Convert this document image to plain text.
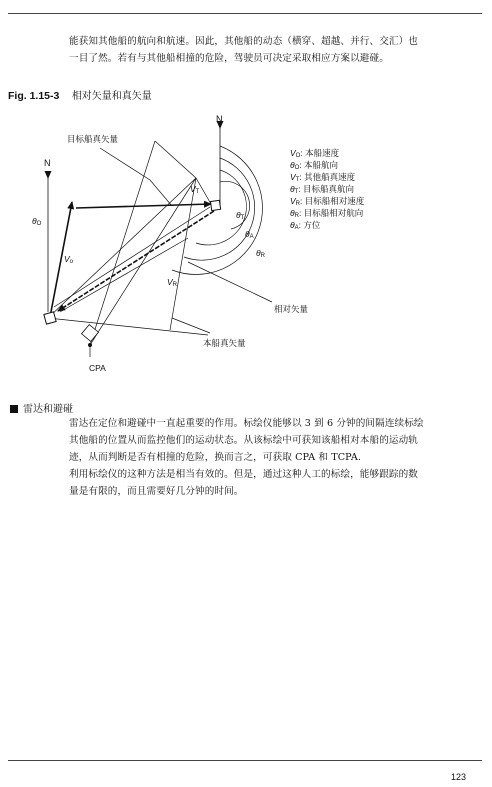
能获知其他船的航向和航速。因此，其他船的动态（横穿、超越、并行、交汇）也
一目了然。若有与其他船相撞的危险，驾驶员可决定采取相应方案以避碰。
Fig. 1.15-3 相对矢量和真矢量
N
N
目标船真矢量
相对矢量
本船真矢量
CPA
VT
Vo
VR
θO
θT
θA
θR
VO: 本船速度
θO: 本船航向
VT: 其他船真速度
θT: 目标船真航向
VR: 目标船相对速度
θR: 目标船相对航向
θA: 方位
雷达和避碰
雷达在定位和避碰中一直起重要的作用。标绘仪能够以 3 到 6 分钟的间隔连续标绘
其他船的位置从而监控他们的运动状态。从该标绘中可获知该船相对本船的运动轨
迹，从而判断是否有相撞的危险，换而言之，可获取 CPA 和 TCPA.
利用标绘仪的这种方法是相当有效的。但是，通过这种人工的标绘，能够跟踪的数
量是有限的，而且需要好几分钟的时间。
123
